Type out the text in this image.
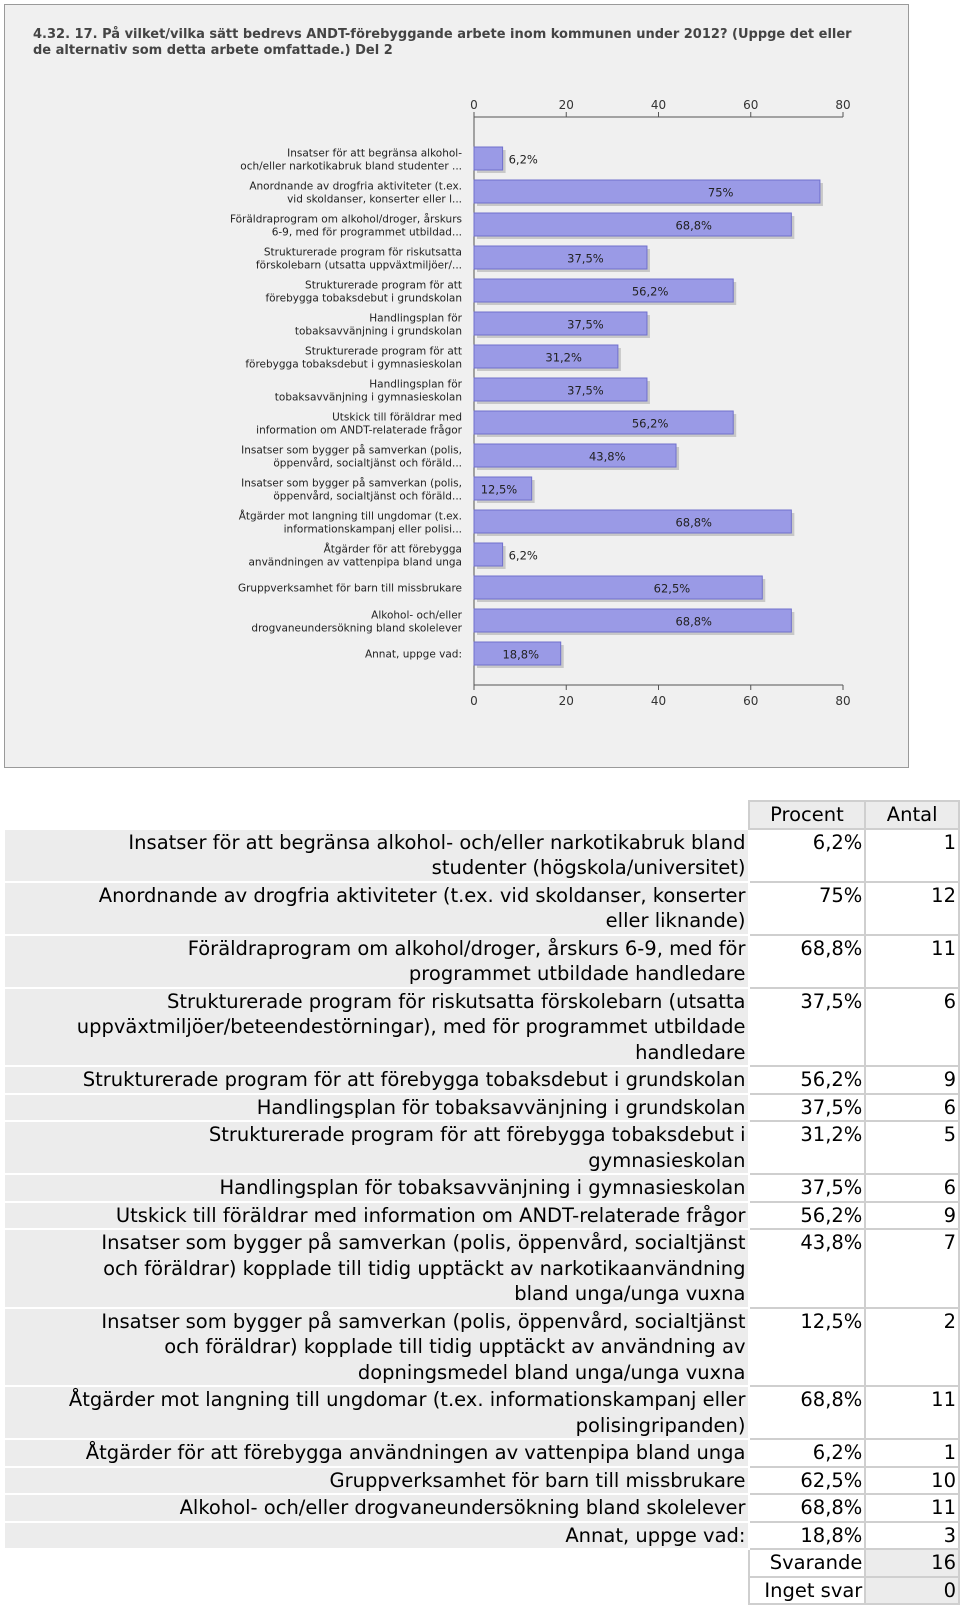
4.32. 17. På vilket/vilka sätt bedrevs ANDT-förebyggande arbete inom kommunen under 2012? (Uppge det eller de alternativ som detta arbete omfattade.) Del 2
0
0
20
20
40
40
60
60
80
80
6,2%
Insatser för att begränsa alkohol-
och/eller narkotikabruk bland studenter ...
75%
Anordnande av drogfria aktiviteter (t.ex.
vid skoldanser, konserter eller l...
68,8%
Föräldraprogram om alkohol/droger, årskurs
6-9, med för programmet utbildad...
37,5%
Strukturerade program för riskutsatta
förskolebarn (utsatta uppväxtmiljöer/...
56,2%
Strukturerade program för att
förebygga tobaksdebut i grundskolan
37,5%
Handlingsplan för
tobaksavvänjning i grundskolan
31,2%
Strukturerade program för att
förebygga tobaksdebut i gymnasieskolan
37,5%
Handlingsplan för
tobaksavvänjning i gymnasieskolan
56,2%
Utskick till föräldrar med
information om ANDT-relaterade frågor
43,8%
Insatser som bygger på samverkan (polis,
öppenvård, socialtjänst och föräld...
12,5%
Insatser som bygger på samverkan (polis,
öppenvård, socialtjänst och föräld...
68,8%
Åtgärder mot langning till ungdomar (t.ex.
informationskampanj eller polisi...
6,2%
Åtgärder för att förebygga
användningen av vattenpipa bland unga
62,5%
Gruppverksamhet för barn till missbrukare
68,8%
Alkohol- och/eller
drogvaneundersökning bland skolelever
18,8%
Annat, uppge vad:
	Procent	Antal

Insatser för att begränsa alkohol- och/eller narkotikabruk bland
studenter (högskola/universitet)	6,2%	1

Anordnande av drogfria aktiviteter (t.ex. vid skoldanser, konserter
eller liknande)	75%	12

Föräldraprogram om alkohol/droger, årskurs 6-9, med för
programmet utbildade handledare	68,8%	11

Strukturerade program för riskutsatta förskolebarn (utsatta
uppväxtmiljöer/beteendestörningar), med för programmet utbildade
handledare	37,5%	6

Strukturerade program för att förebygga tobaksdebut i grundskolan	56,2%	9

Handlingsplan för tobaksavvänjning i grundskolan	37,5%	6

Strukturerade program för att förebygga tobaksdebut i
gymnasieskolan	31,2%	5

Handlingsplan för tobaksavvänjning i gymnasieskolan	37,5%	6

Utskick till föräldrar med information om ANDT-relaterade frågor	56,2%	9

Insatser som bygger på samverkan (polis, öppenvård, socialtjänst
och föräldrar) kopplade till tidig upptäckt av narkotikaanvändning
bland unga/unga vuxna	43,8%	7

Insatser som bygger på samverkan (polis, öppenvård, socialtjänst
och föräldrar) kopplade till tidig upptäckt av användning av
dopningsmedel bland unga/unga vuxna	12,5%	2

Åtgärder mot langning till ungdomar (t.ex. informationskampanj eller
polisingripanden)	68,8%	11

Åtgärder för att förebygga användningen av vattenpipa bland unga	6,2%	1

Gruppverksamhet för barn till missbrukare	62,5%	10

Alkohol- och/eller drogvaneundersökning bland skolelever	68,8%	11

Annat, uppge vad:	18,8%	3
	Svarande	16
	Inget svar	0
